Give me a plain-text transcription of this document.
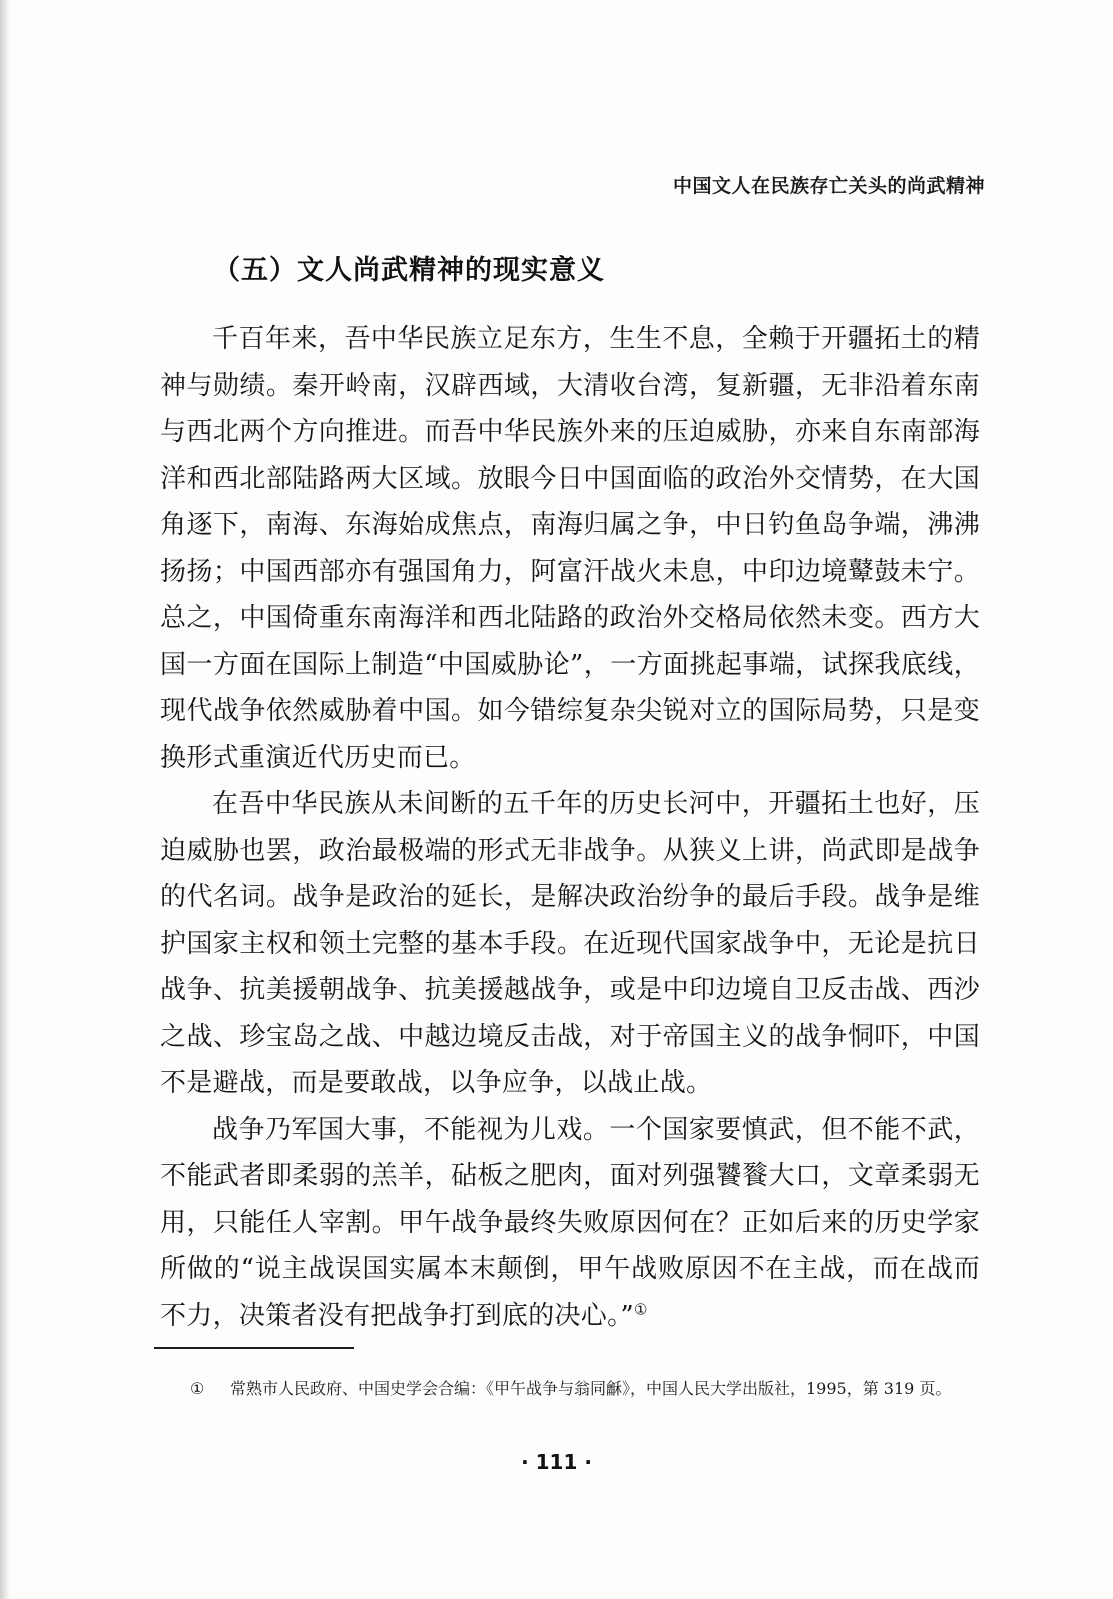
中国文人在民族存亡关头的尚武精神
（五）文人尚武精神的现实意义

千百年来，吾中华民族立足东方，生生不息，全赖于开疆拓土的精神与勋绩。秦开岭南，汉辟西域，大清收台湾，复新疆，无非沿着东南与西北两个方向推进。而吾中华民族外来的压迫威胁，亦来自东南部海洋和西北部陆路两大区域。放眼今日中国面临的政治外交情势，在大国角逐下，南海、东海始成焦点，南海归属之争，中日钓鱼岛争端，沸沸扬扬；中国西部亦有强国角力，阿富汗战火未息，中印边境鼙鼓未宁。总之，中国倚重东南海洋和西北陆路的政治外交格局依然未变。西方大国一方面在国际上制造“中国威胁论”，一方面挑起事端，试探我底线，现代战争依然威胁着中国。如今错综复杂尖锐对立的国际局势，只是变换形式重演近代历史而已。

在吾中华民族从未间断的五千年的历史长河中，开疆拓土也好，压迫威胁也罢，政治最极端的形式无非战争。从狭义上讲，尚武即是战争的代名词。战争是政治的延长，是解决政治纷争的最后手段。战争是维护国家主权和领土完整的基本手段。在近现代国家战争中，无论是抗日战争、抗美援朝战争、抗美援越战争，或是中印边境自卫反击战、西沙之战、珍宝岛之战、中越边境反击战，对于帝国主义的战争恫吓，中国不是避战，而是要敢战，以争应争，以战止战。

战争乃军国大事，不能视为儿戏。一个国家要慎武，但不能不武，不能武者即柔弱的羔羊，砧板之肥肉，面对列强饕餮大口，文章柔弱无用，只能任人宰割。甲午战争最终失败原因何在？正如后来的历史学家所做的“说主战误国实属本末颠倒，甲午战败原因不在主战，而在战而不力，决策者没有把战争打到底的决心。”①

①	常熟市人民政府、中国史学会合编：《甲午战争与翁同龢》，中国人民大学出版社，1995，第 319 页。
· 111 ·
